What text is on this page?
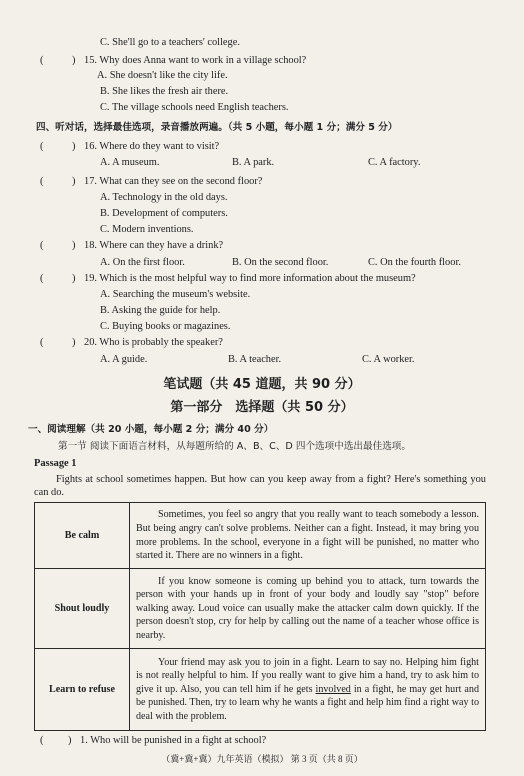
C. She'll go to a teachers' college.
(	) 15. Why does Anna want to work in a village school?
A. She doesn't like the city life.
B. She likes the fresh air there.
C. The village schools need English teachers.
四、听对话，选择最佳选项，录音播放两遍。（共 5 小题，每小题 1 分；满分 5 分）
(	) 16. Where do they want to visit?
A. A museum.	B. A park.	C. A factory.
(	) 17. What can they see on the second floor?
A. Technology in the old days.
B. Development of computers.
C. Modern inventions.
(	) 18. Where can they have a drink?
A. On the first floor.	B. On the second floor.	C. On the fourth floor.
(	) 19. Which is the most helpful way to find more information about the museum?
A. Searching the museum's website.
B. Asking the guide for help.
C. Buying books or magazines.
(	) 20. Who is probably the speaker?
A. A guide.	B. A teacher.	C. A worker.
笔试题（共 45 道题，共 90 分）
第一部分　选择题（共 50 分）
一、阅读理解（共 20 小题，每小题 2 分；满分 40 分）
第一节 阅读下面语言材料，从每题所给的 A、B、C、D 四个选项中选出最佳选项。
Passage 1
Fights at school sometimes happen. But how can you keep away from a fight? Here's something you can do.
Be calm	Sometimes, you feel so angry that you really want to teach somebody a lesson. But being angry can't solve problems. Neither can a fight. Instead, it may bring you more problems. In the school, everyone in a fight will be punished, no matter who started it. There are no winners in a fight.
Shout loudly	If you know someone is coming up behind you to attack, turn towards the person with your hands up in front of your body and loudly say "stop" before walking away. Loud voice can usually make the attacker calm down quickly. If the person doesn't stop, cry for help by calling out the name of a teacher whose office is nearby.
Learn to refuse	Your friend may ask you to join in a fight. Learn to say no. Helping him fight is not really helpful to him. If you really want to give him a hand, try to ask him to give it up. Also, you can tell him if he gets involved in a fight, he may get hurt and be punished. Then, try to learn why he wants a fight and help him find a right way to deal with the problem.
( ) 1. Who will be punished in a fight at school?
（冀+冀+冀）九年英语（模拟） 第 3 页（共 8 页）
